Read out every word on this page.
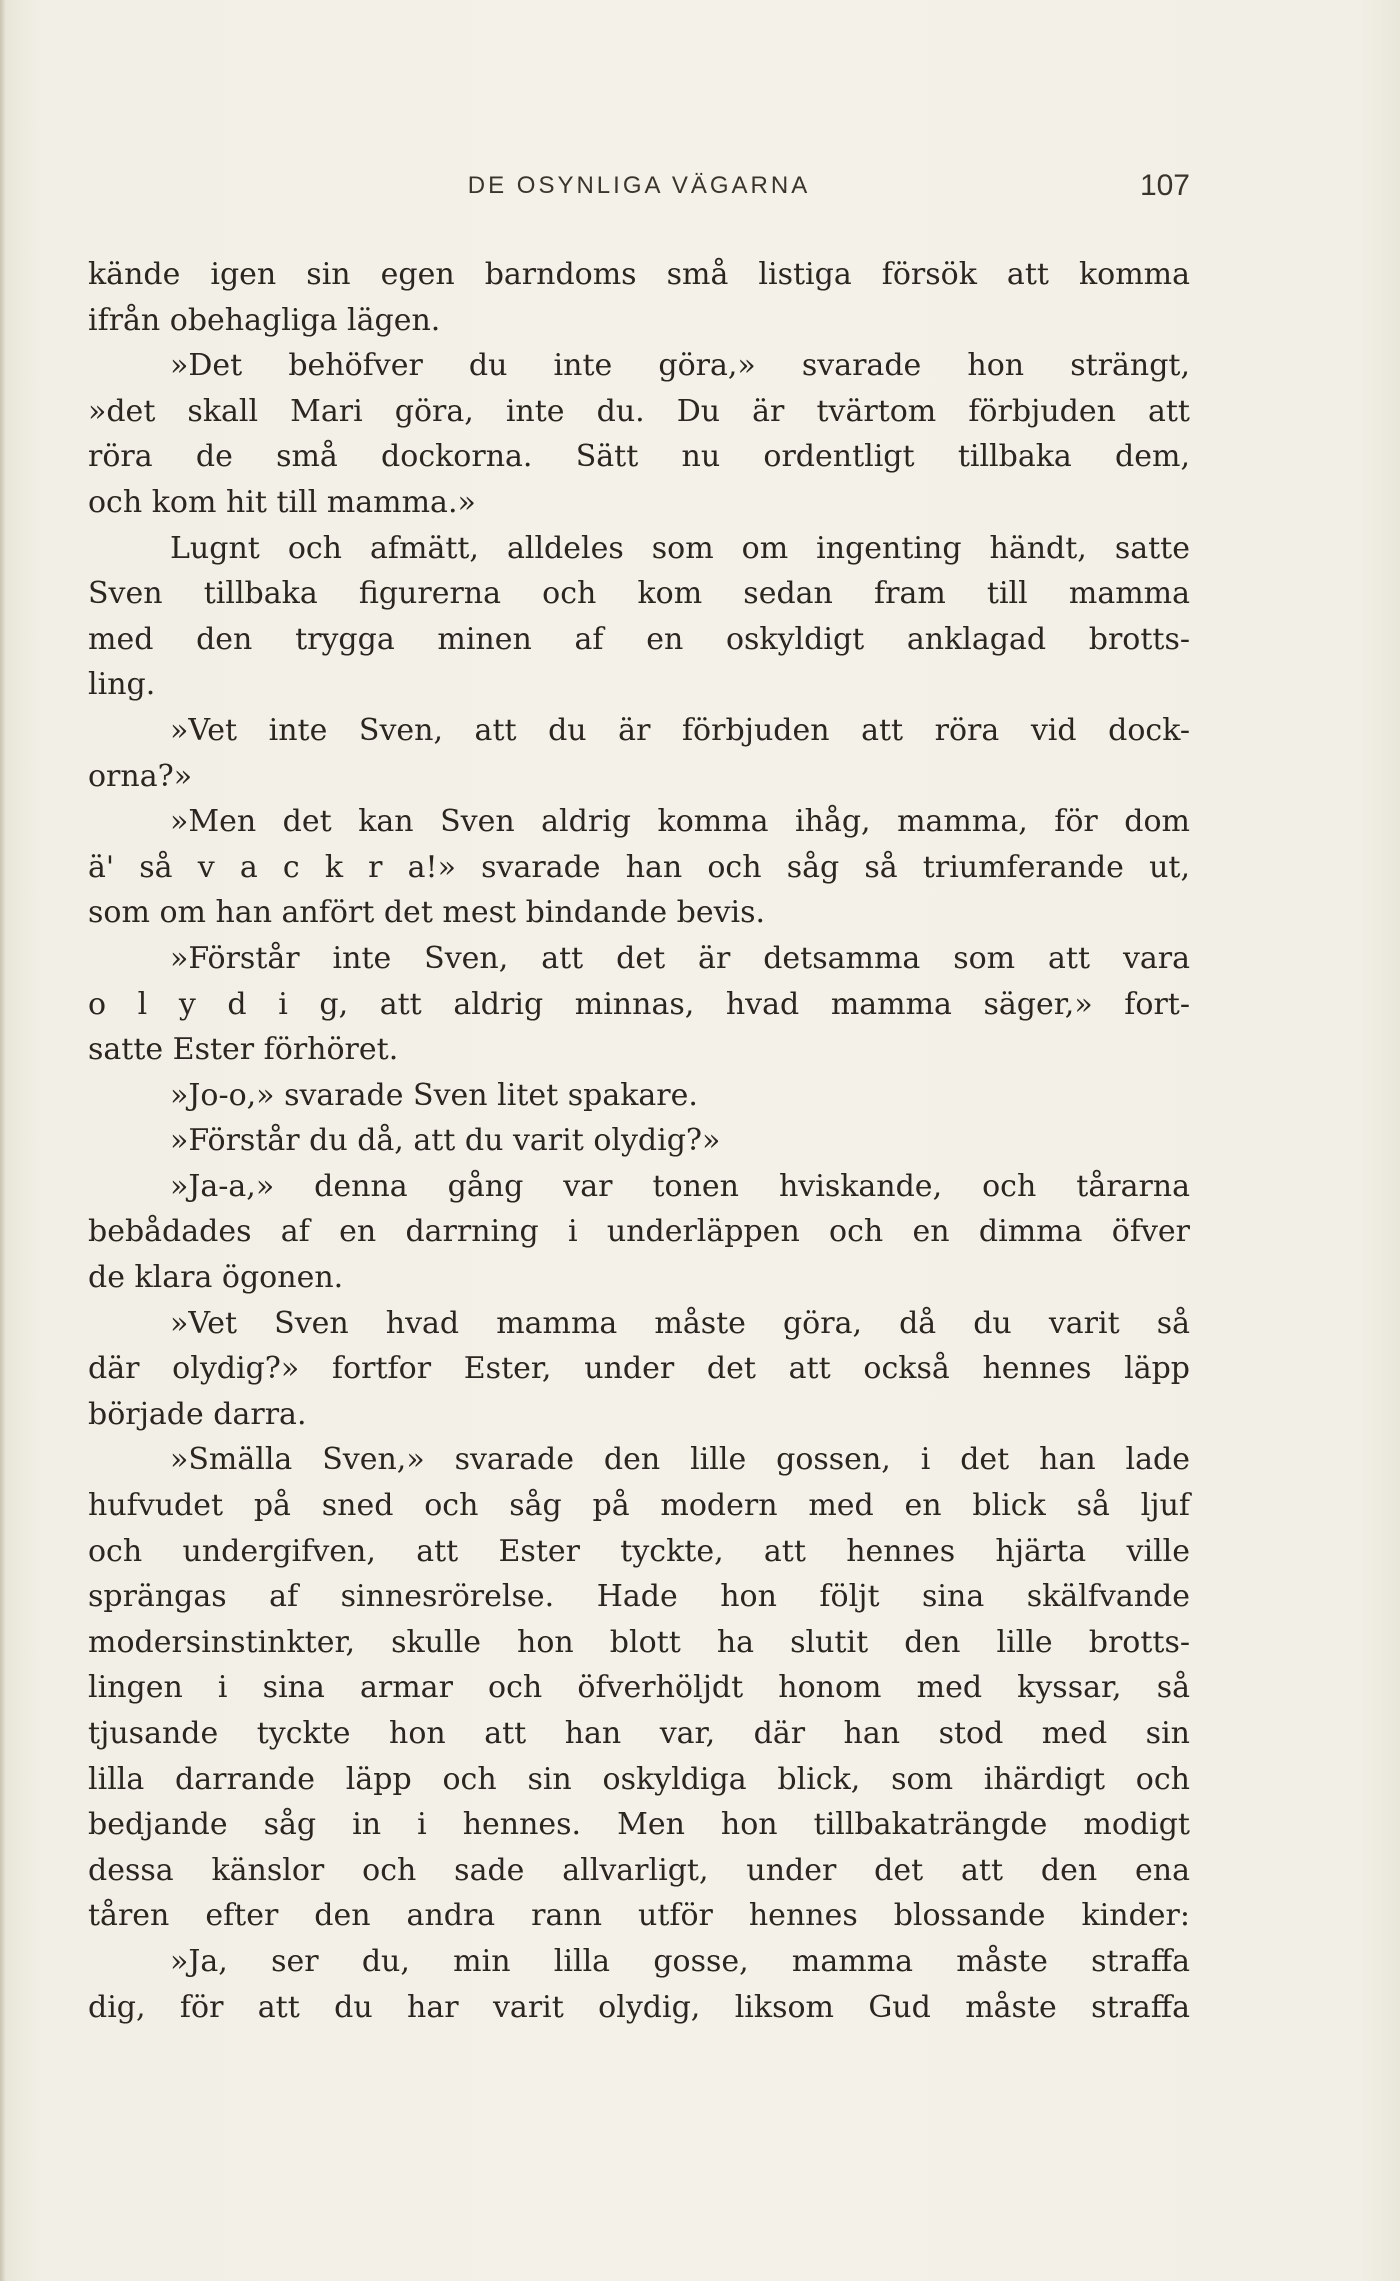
DE OSYNLIGA VÄGARNA	107
kände igen sin egen barndoms små listiga försök att komma
ifrån obehagliga lägen.
»Det behöfver du inte göra,» svarade hon strängt,
»det skall Mari göra, inte du. Du är tvärtom förbjuden att
röra de små dockorna. Sätt nu ordentligt tillbaka dem,
och kom hit till mamma.»
Lugnt och afmätt, alldeles som om ingenting händt, satte
Sven tillbaka figurerna och kom sedan fram till mamma
med den trygga minen af en oskyldigt anklagad brotts-
ling.
»Vet inte Sven, att du är förbjuden att röra vid dock-
orna?»
»Men det kan Sven aldrig komma ihåg, mamma, för dom
ä' så v a c k r a!» svarade han och såg så triumferande ut,
som om han anfört det mest bindande bevis.
»Förstår inte Sven, att det är detsamma som att vara
o l y d i g, att aldrig minnas, hvad mamma säger,» fort-
satte Ester förhöret.
»Jo-o,» svarade Sven litet spakare.
»Förstår du då, att du varit olydig?»
»Ja-a,» denna gång var tonen hviskande, och tårarna
bebådades af en darrning i underläppen och en dimma öfver
de klara ögonen.
»Vet Sven hvad mamma måste göra, då du varit så
där olydig?» fortfor Ester, under det att också hennes läpp
började darra.
»Smälla Sven,» svarade den lille gossen, i det han lade
hufvudet på sned och såg på modern med en blick så ljuf
och undergifven, att Ester tyckte, att hennes hjärta ville
sprängas af sinnesrörelse. Hade hon följt sina skälfvande
modersinstinkter, skulle hon blott ha slutit den lille brotts-
lingen i sina armar och öfverhöljdt honom med kyssar, så
tjusande tyckte hon att han var, där han stod med sin
lilla darrande läpp och sin oskyldiga blick, som ihärdigt och
bedjande såg in i hennes. Men hon tillbakaträngde modigt
dessa känslor och sade allvarligt, under det att den ena
tåren efter den andra rann utför hennes blossande kinder:
»Ja, ser du, min lilla gosse, mamma måste straffa
dig, för att du har varit olydig, liksom Gud måste straffa
